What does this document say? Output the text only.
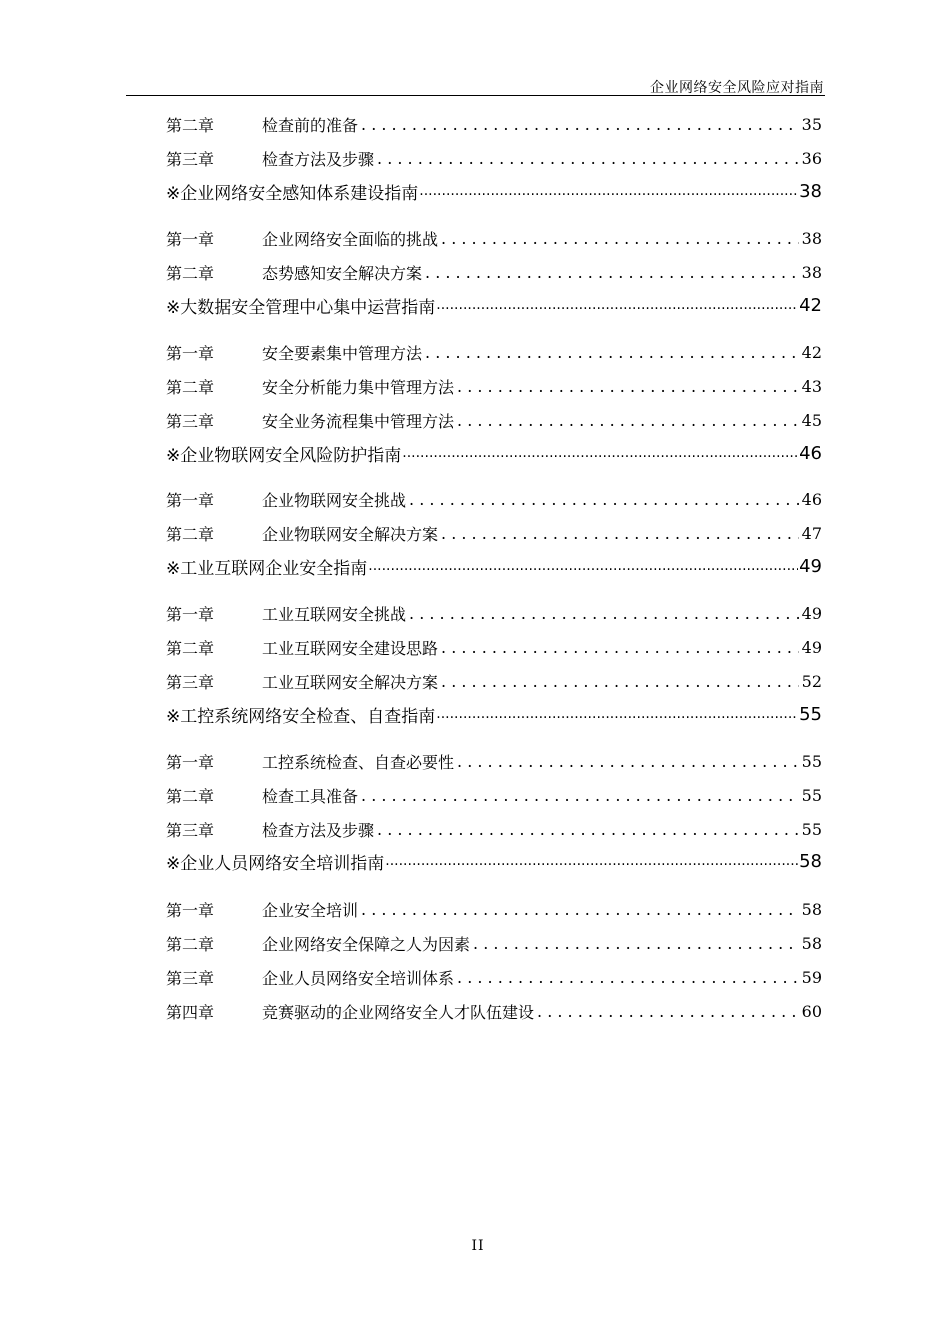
企业网络安全风险应对指南
第二章	检查前的准备 . . .	35
第三章	检查方法及步骤 . . .	36
※企业网络安全感知体系建设指南 .....	38
第一章	企业网络安全面临的挑战 . . .	38
第二章	态势感知安全解决方案 . . .	38
※大数据安全管理中心集中运营指南 .....	42
第一章	安全要素集中管理方法 . . .	42
第二章	安全分析能力集中管理方法 . . .	43
第三章	安全业务流程集中管理方法 . . .	45
※企业物联网安全风险防护指南 .....	46
第一章	企业物联网安全挑战 . . .	46
第二章	企业物联网安全解决方案 . . .	47
※工业互联网企业安全指南 .....	49
第一章	工业互联网安全挑战 . . .	49
第二章	工业互联网安全建设思路 . . .	49
第三章	工业互联网安全解决方案 . . .	52
※工控系统网络安全检查、自查指南 .....	55
第一章	工控系统检查、自查必要性 . . .	55
第二章	检查工具准备 . . .	55
第三章	检查方法及步骤 . . .	55
※企业人员网络安全培训指南 .....	58
第一章	企业安全培训 . . .	58
第二章	企业网络安全保障之人为因素 . . .	58
第三章	企业人员网络安全培训体系 . . .	59
第四章	竞赛驱动的企业网络安全人才队伍建设 . . .	60
II
